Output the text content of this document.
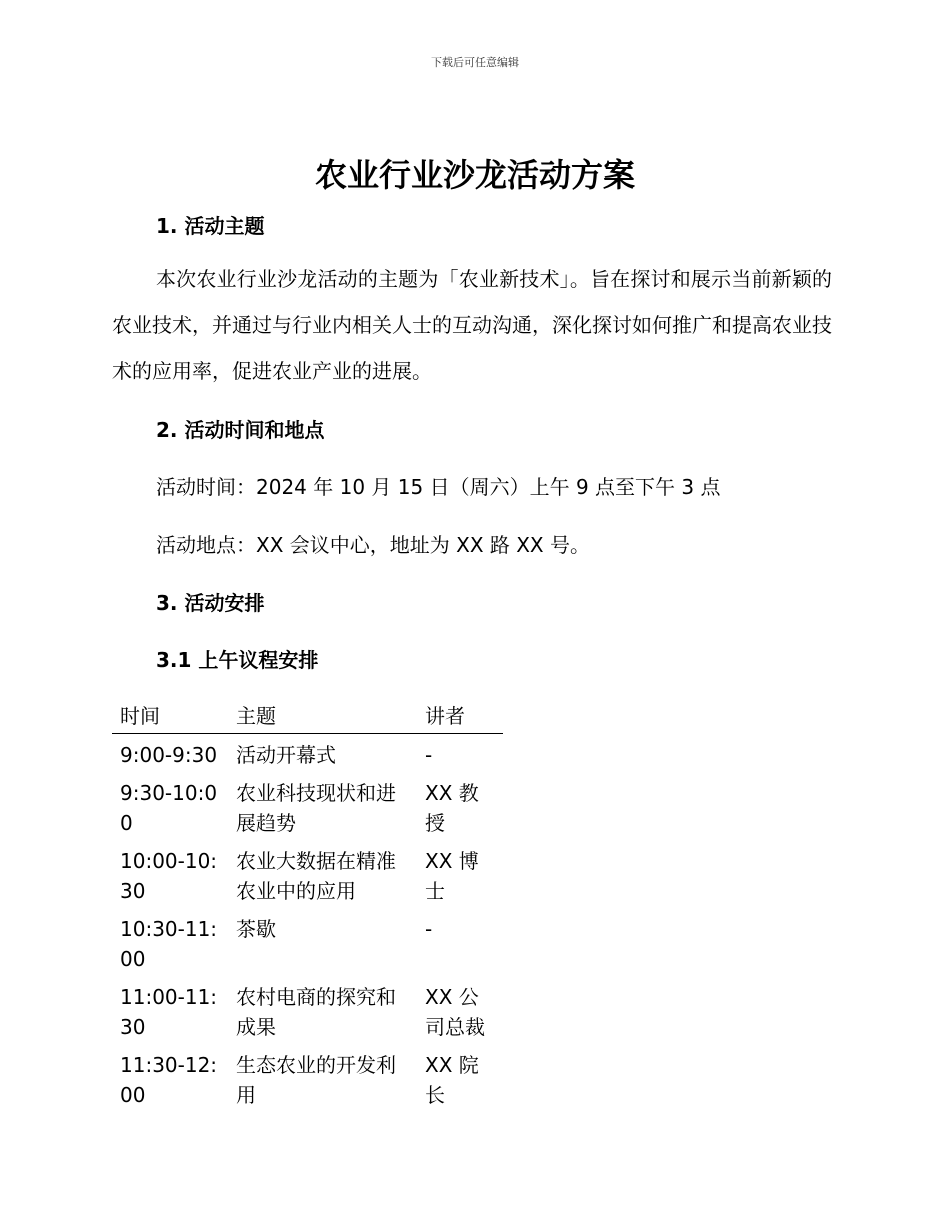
下载后可任意编辑
农业行业沙龙活动方案
1. 活动主题
本次农业行业沙龙活动的主题为「农业新技术」。旨在探讨和展示当前新颖的农业技术，并通过与行业内相关人士的互动沟通，深化探讨如何推广和提高农业技术的应用率，促进农业产业的进展。
2. 活动时间和地点
活动时间：2024 年 10 月 15 日（周六）上午 9 点至下午 3 点
活动地点：XX 会议中心，地址为 XX 路 XX 号。
3. 活动安排
3.1 上午议程安排
时间	主题	讲者
9:00-9:30	活动开幕式	-
9:30-10:00	农业科技现状和进展趋势	XX 教授
10:00-10:30	农业大数据在精准农业中的应用	XX 博士
10:30-11:00	茶歇	-
11:00-11:30	农村电商的探究和成果	XX 公司总裁
11:30-12:00	生态农业的开发利用	XX 院长
